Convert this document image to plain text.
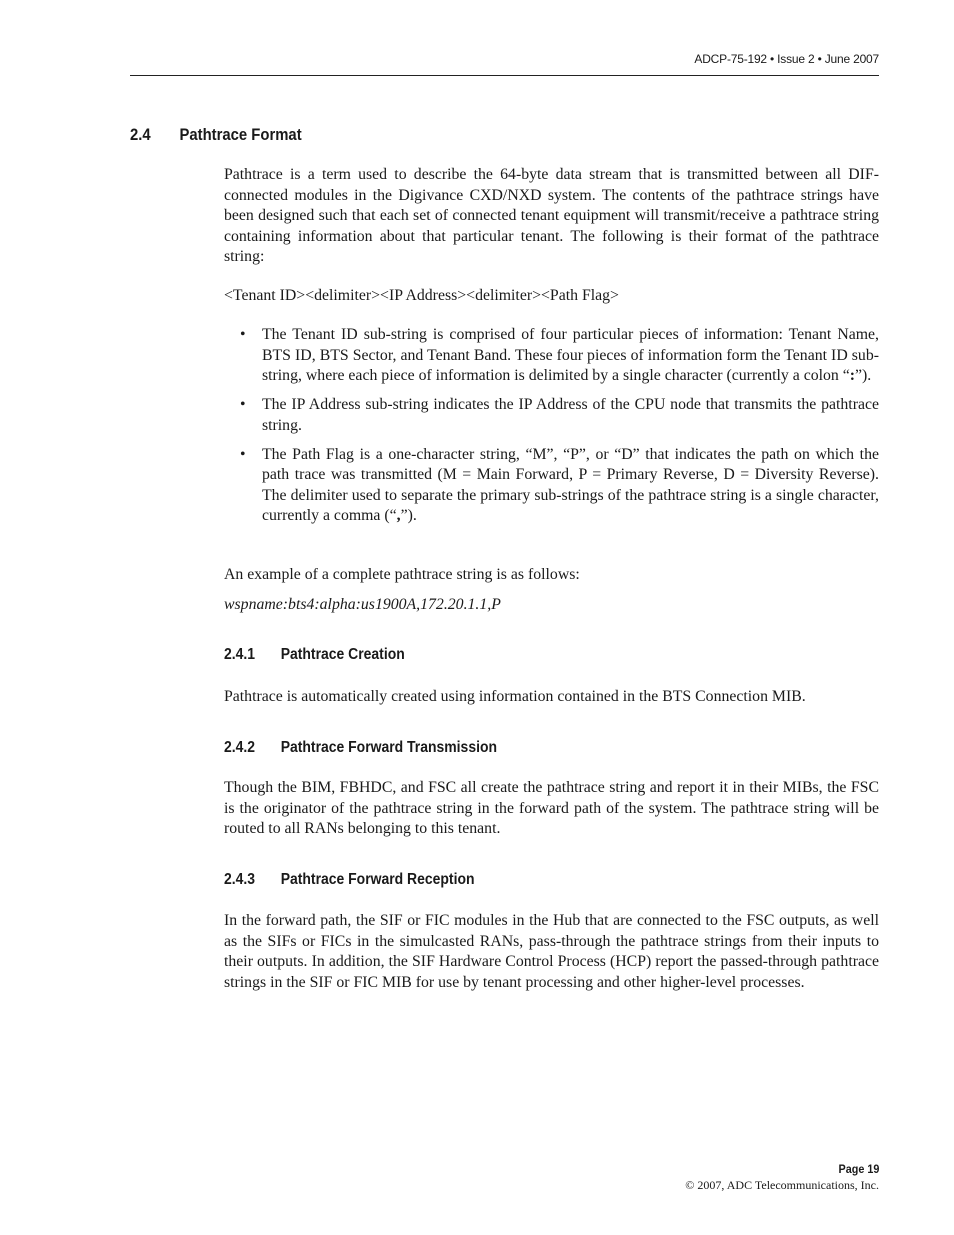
ADCP-75-192 • Issue 2 • June 2007
2.4 Pathtrace Format

Pathtrace is a term used to describe the 64-byte data stream that is transmitted between all DIF-connected modules in the Digivance CXD/NXD system. The contents of the pathtrace strings have been designed such that each set of connected tenant equipment will transmit/receive a pathtrace string containing information about that particular tenant. The following is their format of the pathtrace string:

<Tenant ID><delimiter><IP Address><delimiter><Path Flag>

• The Tenant ID sub-string is comprised of four particular pieces of information: Tenant Name, BTS ID, BTS Sector, and Tenant Band. These four pieces of information form the Tenant ID sub-string, where each piece of information is delimited by a single character (currently a colon “:”).
• The IP Address sub-string indicates the IP Address of the CPU node that transmits the pathtrace string.
• The Path Flag is a one-character string, “M”, “P”, or “D” that indicates the path on which the path trace was transmitted (M = Main Forward, P = Primary Reverse, D = Diversity Reverse). The delimiter used to separate the primary sub-strings of the pathtrace string is a single character, currently a comma (“,”).

An example of a complete pathtrace string is as follows:

wspname:bts4:alpha:us1900A,172.20.1.1,P

2.4.1 Pathtrace Creation

Pathtrace is automatically created using information contained in the BTS Connection MIB.

2.4.2 Pathtrace Forward Transmission

Though the BIM, FBHDC, and FSC all create the pathtrace string and report it in their MIBs, the FSC is the originator of the pathtrace string in the forward path of the system. The pathtrace string will be routed to all RANs belonging to this tenant.

2.4.3 Pathtrace Forward Reception

In the forward path, the SIF or FIC modules in the Hub that are connected to the FSC outputs, as well as the SIFs or FICs in the simulcasted RANs, pass-through the pathtrace strings from their inputs to their outputs. In addition, the SIF Hardware Control Process (HCP) report the passed-through pathtrace strings in the SIF or FIC MIB for use by tenant processing and other higher-level processes.

Page 19
© 2007, ADC Telecommunications, Inc.
